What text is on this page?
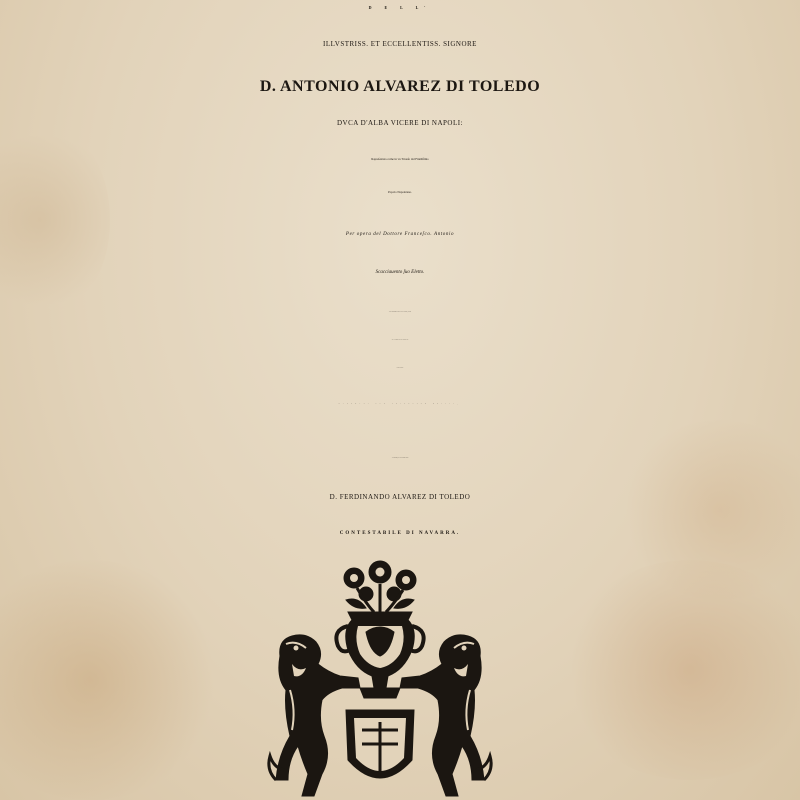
D E L L'
ILLVSTRISS. ET ECCELLENTISS. SIGNORE
D. ANTONIO ALVAREZ DI TOLEDO
DVCA D'ALBA VICERE DI NAPOLI:
Rapreſentata come in vn Trionſo dal Fideliſſimo
Popolo Napoletano.
Per opera del Dottore Franceſco. Antonio
Scacciauento ſuo Eletto.
Nella Pompoſiſſima Feſta di San Gio: Battiſta, celebrata
à 23. di Giugno 1629. per il ſettimo Anno
del ſuo Gouerno.
RACCOLTA PER FRANCESCO ORILIA,
All'Illuſtriſſimo, & Eccellentiſſimo Signor
D. FERDINANDO ALVAREZ DI TOLEDO
CONTESTABILE DI NAVARRA.
